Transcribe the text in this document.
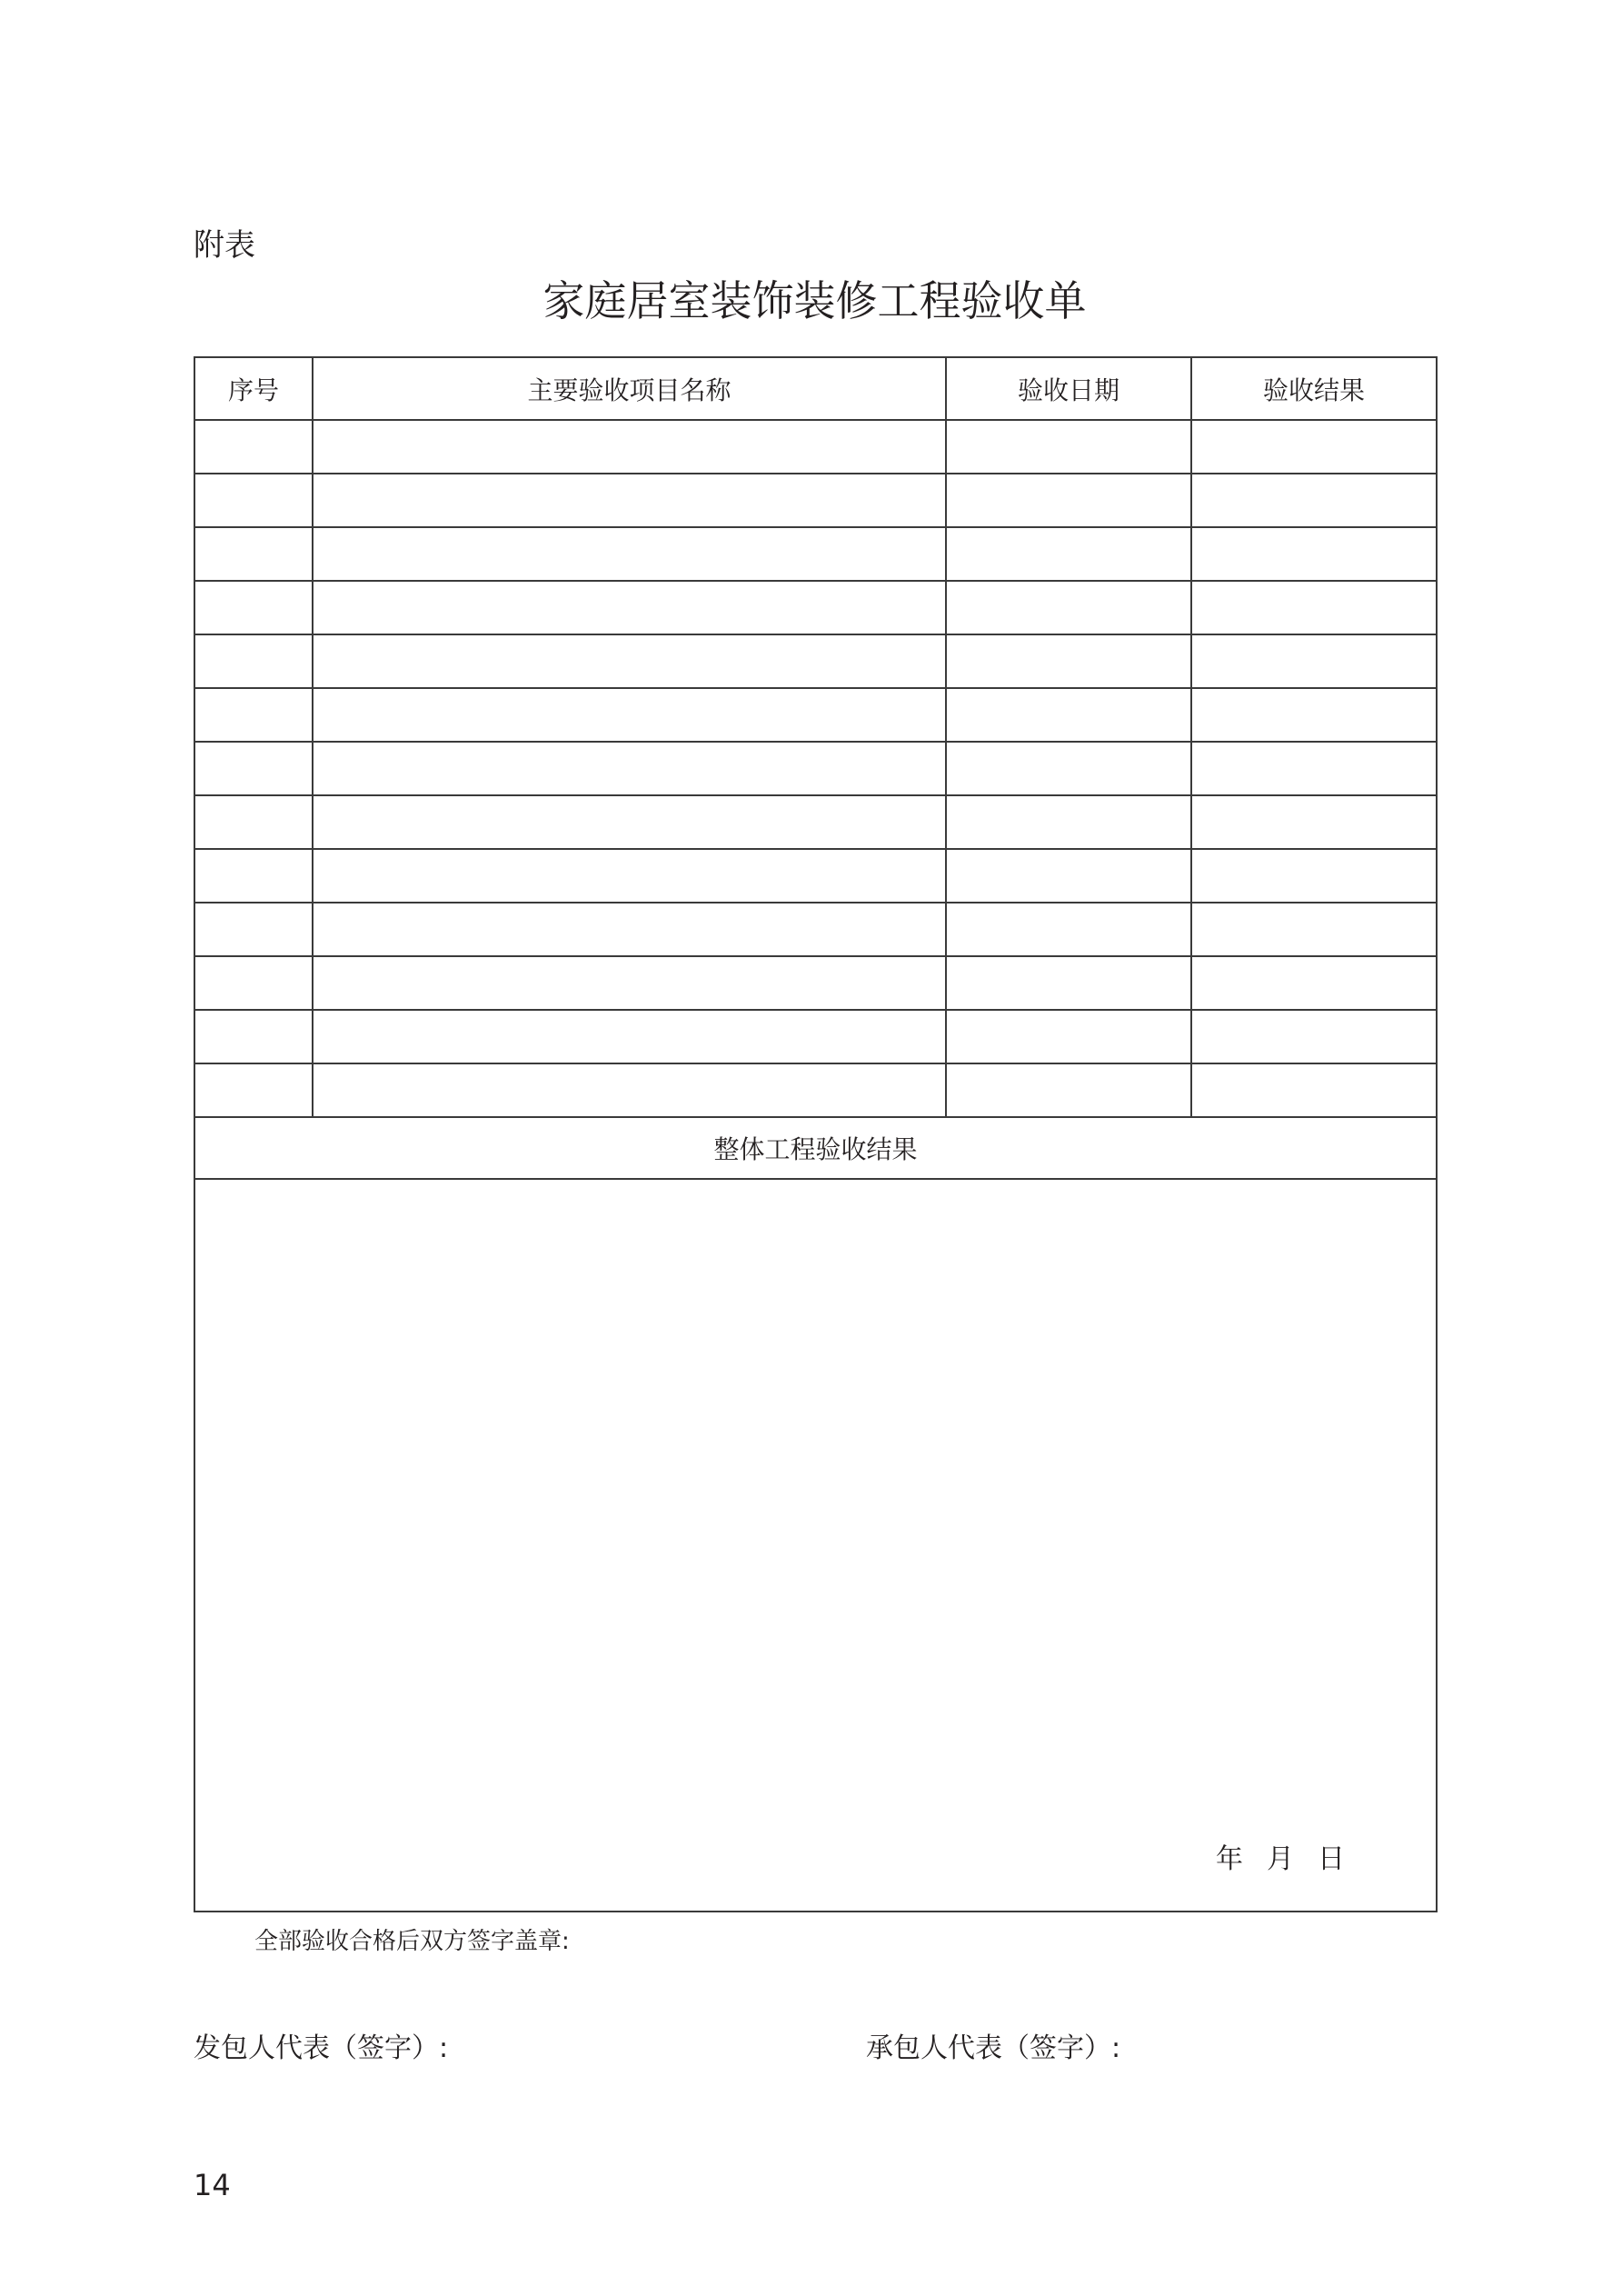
附表
家庭居室装饰装修工程验收单
序号	主要验收项目名称	验收日期	验收结果

整体工程验收结果			

年 月 日			
全部验收合格后双方签字盖章:
发包人代表（签字）:	承包人代表（签字）:
14
